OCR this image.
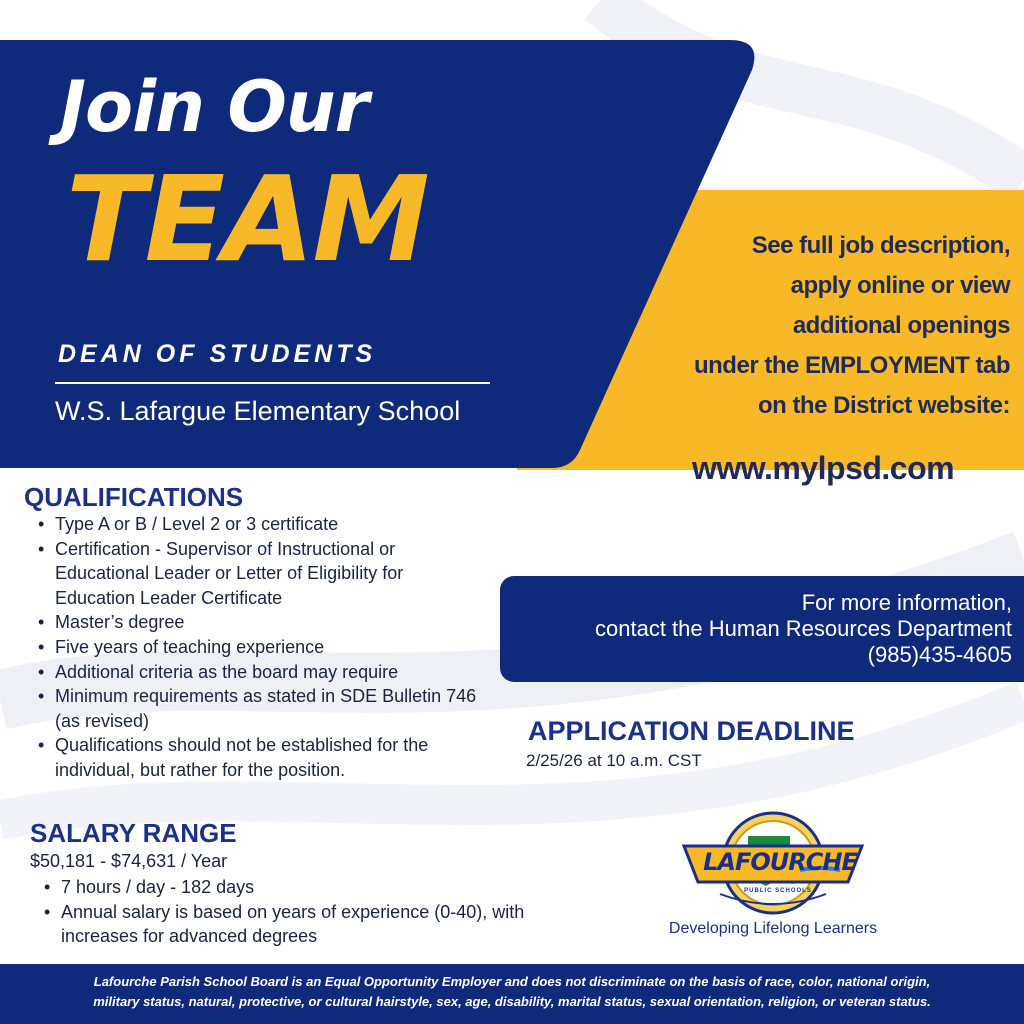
Join Our
TEAM
DEAN OF STUDENTS
W.S. Lafargue Elementary School
See full job description,
apply online or view
additional openings
under the EMPLOYMENT tab
on the District website:
www.mylpsd.com
QUALIFICATIONS
• Type A or B / Level 2 or 3 certificate
• Certification - Supervisor of Instructional or Educational Leader or Letter of Eligibility for Education Leader Certificate
• Master’s degree
• Five years of teaching experience
• Additional criteria as the board may require
• Minimum requirements as stated in SDE Bulletin 746 (as revised)
• Qualifications should not be established for the individual, but rather for the position.
SALARY RANGE
$50,181 - $74,631 / Year
• 7 hours / day - 182 days
• Annual salary is based on years of experience (0-40), with increases for advanced degrees
For more information,
contact the Human Resources Department
(985)435-4605
APPLICATION DEADLINE
2/25/26 at 10 a.m. CST
LAFOURCHE
PUBLIC SCHOOLS
Developing Lifelong Learners
Lafourche Parish School Board is an Equal Opportunity Employer and does not discriminate on the basis of race, color, national origin,
military status, natural, protective, or cultural hairstyle, sex, age, disability, marital status, sexual orientation, religion, or veteran status.
